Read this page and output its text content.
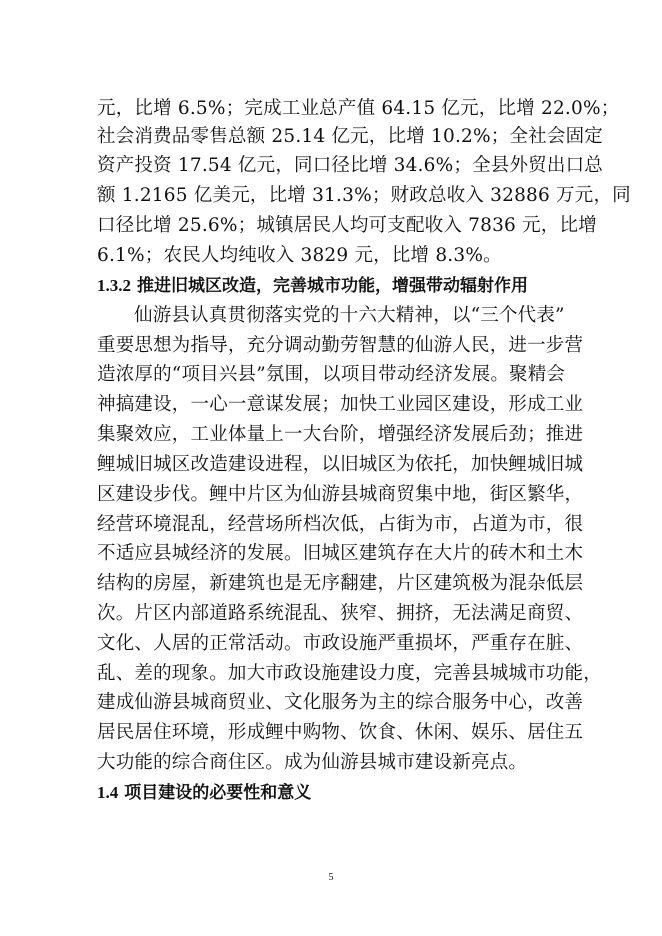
元，比增 6.5%；完成工业总产值 64.15 亿元，比增 22.0%；
社会消费品零售总额 25.14 亿元，比增 10.2%；全社会固定
资产投资 17.54 亿元，同口径比增 34.6%；全县外贸出口总
额 1.2165 亿美元，比增 31.3%；财政总收入 32886 万元，同
口径比增 25.6%；城镇居民人均可支配收入 7836 元，比增
6.1%；农民人均纯收入 3829 元，比增 8.3%。
1.3.2 推进旧城区改造，完善城市功能，增强带动辐射作用
仙游县认真贯彻落实党的十六大精神，以“三个代表”
重要思想为指导，充分调动勤劳智慧的仙游人民，进一步营
造浓厚的“项目兴县”氛围，以项目带动经济发展。聚精会
神搞建设，一心一意谋发展；加快工业园区建设，形成工业
集聚效应，工业体量上一大台阶，增强经济发展后劲；推进
鲤城旧城区改造建设进程，以旧城区为依托，加快鲤城旧城
区建设步伐。鲤中片区为仙游县城商贸集中地，街区繁华，
经营环境混乱，经营场所档次低，占街为市，占道为市，很
不适应县城经济的发展。旧城区建筑存在大片的砖木和土木
结构的房屋，新建筑也是无序翻建，片区建筑极为混杂低层
次。片区内部道路系统混乱、狭窄、拥挤，无法满足商贸、
文化、人居的正常活动。市政设施严重损坏，严重存在脏、
乱、差的现象。加大市政设施建设力度，完善县城城市功能，
建成仙游县城商贸业、文化服务为主的综合服务中心，改善
居民居住环境，形成鲤中购物、饮食、休闲、娱乐、居住五
大功能的综合商住区。成为仙游县城市建设新亮点。
1.4 项目建设的必要性和意义
5
